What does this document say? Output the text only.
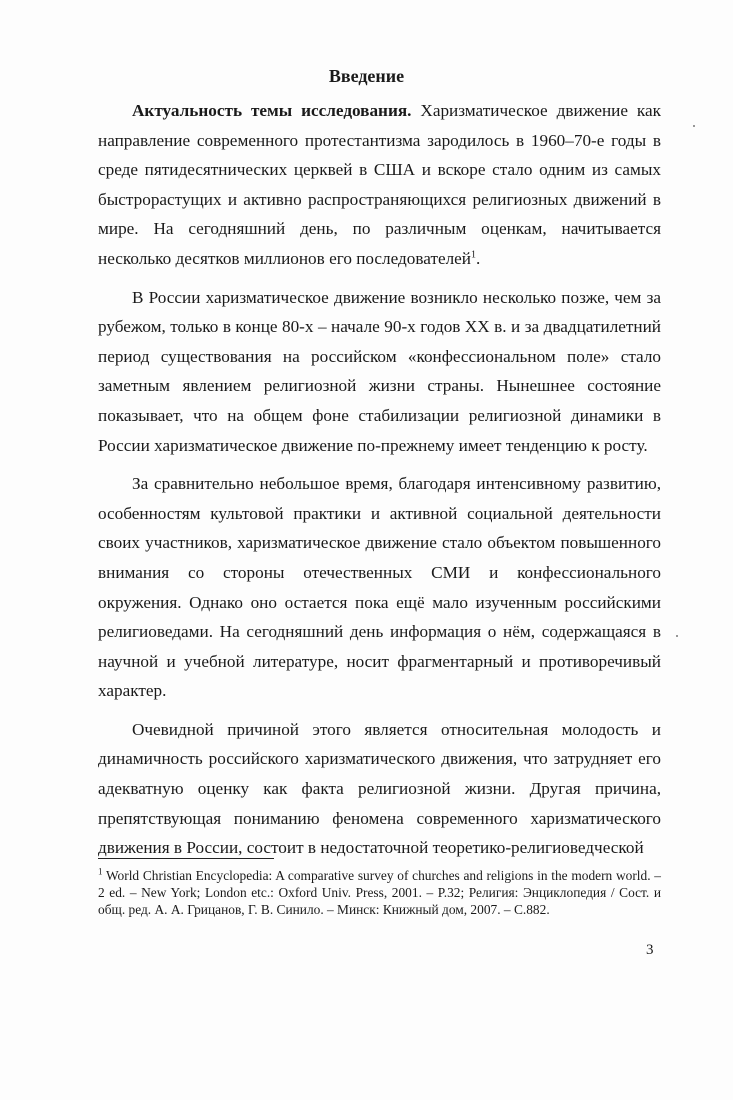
Введение

Актуальность темы исследования. Харизматическое движение как направление современного протестантизма зародилось в 1960–70-е годы в среде пятидесятнических церквей в США и вскоре стало одним из самых быстрорастущих и активно распространяющихся религиозных движений в мире. На сегодняшний день, по различным оценкам, начитывается несколько десятков миллионов его последователей$^1$.

В России харизматическое движение возникло несколько позже, чем за рубежом, только в конце 80-х – начале 90-х годов XX в. и за двадцатилетний период существования на российском «конфессиональном поле» стало заметным явлением религиозной жизни страны. Нынешнее состояние показывает, что на общем фоне стабилизации религиозной динамики в России харизматическое движение по-прежнему имеет тенденцию к росту.

За сравнительно небольшое время, благодаря интенсивному развитию, особенностям культовой практики и активной социальной деятельности своих участников, харизматическое движение стало объектом повышенного внимания со стороны отечественных СМИ и конфессионального окружения. Однако оно остается пока ещё мало изученным российскими религиоведами. На сегодняшний день информация о нём, содержащаяся в научной и учебной литературе, носит фрагментарный и противоречивый характер.

Очевидной причиной этого является относительная молодость и динамичность российского харизматического движения, что затрудняет его адекватную оценку как факта религиозной жизни. Другая причина, препятствующая пониманию феномена современного харизматического движения в России, состоит в недостаточной теоретико-религиоведческой

$^1$ World Christian Encyclopedia: A comparative survey of churches and religions in the modern world. – 2 ed. – New York; London etc.: Oxford Univ. Press, 2001. – P.32; Религия: Энциклопедия / Сост. и общ. ред. А. А. Грицанов, Г. В. Синило. – Минск: Книжный дом, 2007. – С.882.
3
